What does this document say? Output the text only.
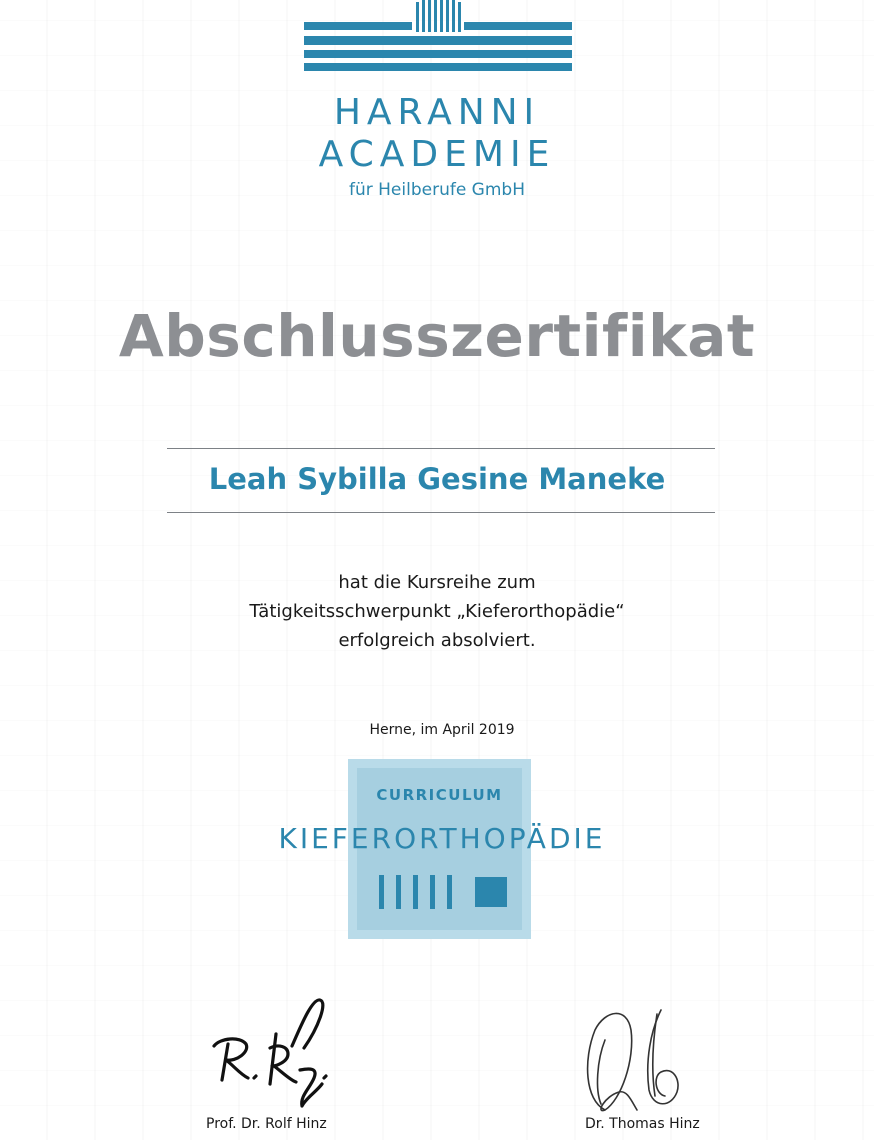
HARANNI
ACADEMIE
für Heilberufe GmbH
Abschlusszertifikat
Leah Sybilla Gesine Maneke
hat die Kursreihe zum
Tätigkeitsschwerpunkt „Kieferorthopädie“
erfolgreich absolviert.
Herne, im April 2019
CURRICULUM
KIEFERORTHOPÄDIE
Prof. Dr. Rolf Hinz	Dr. Thomas Hinz
